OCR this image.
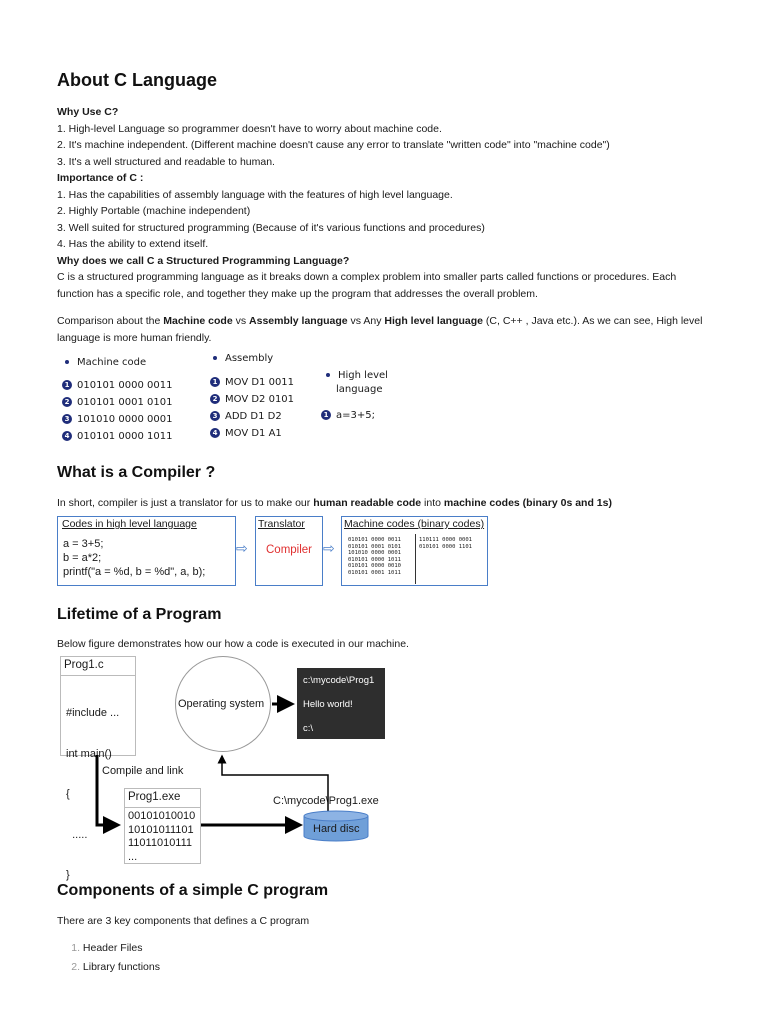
About C Language

Why Use C?

1. High-level Language so programmer doesn't have to worry about machine code.

2. It's machine independent. (Different machine doesn't cause any error to translate "written code" into "machine code")

3. It's a well structured and readable to human.

Importance of C :

1. Has the capabilities of assembly language with the features of high level language.

2. Highly Portable (machine independent)

3. Well suited for structured programming (Because of it's various functions and procedures)

4. Has the ability to extend itself.

Why does we call C a Structured Programming Language?

C is a structured programming language as it breaks down a complex problem into smaller parts called functions or procedures. Each function has a specific role, and together they make up the program that addresses the overall problem.

Comparison about the Machine code vs Assembly language vs Any High level language (C, C++ , Java etc.). As we can see, High level language is more human friendly.

Machine code
1 010101 0000 0011
2 010101 0001 0101
3 101010 0000 0001
4 010101 0000 1011
Assembly
1 MOV D1 0011
2 MOV D2 0101
3 ADD D1 D2
4 MOV D1 A1
High level
language
1 a=3+5;
What is a Compiler ?

In short, compiler is just a translator for us to make our human readable code into machine codes (binary 0s and 1s)

Codes in high level language
a = 3+5;
b = a*2;
printf("a = %d, b = %d", a, b);
⇨
Translator
Compiler ⇨
Machine codes (binary codes)
010101 0000 0011
010101 0001 0101
101010 0000 0001
010101 0000 1011
010101 0000 0010
010101 0001 1011
110111 0000 0001
010101 0000 1101
Lifetime of a Program
Below figure demonstrates how our how a code is executed in our machine.
Prog1.c

#include ...

int main()

{

.....

}

Operating system
c:\mycode\Prog1
Hello world!
c:\
Compile and link
Prog1.exe
00101010010
10101011101
11011010111
...
C:\mycode\Prog1.exe
Hard disc
Components of a simple C program
There are 3 key components that defines a C program
1. Header Files
2. Library functions
